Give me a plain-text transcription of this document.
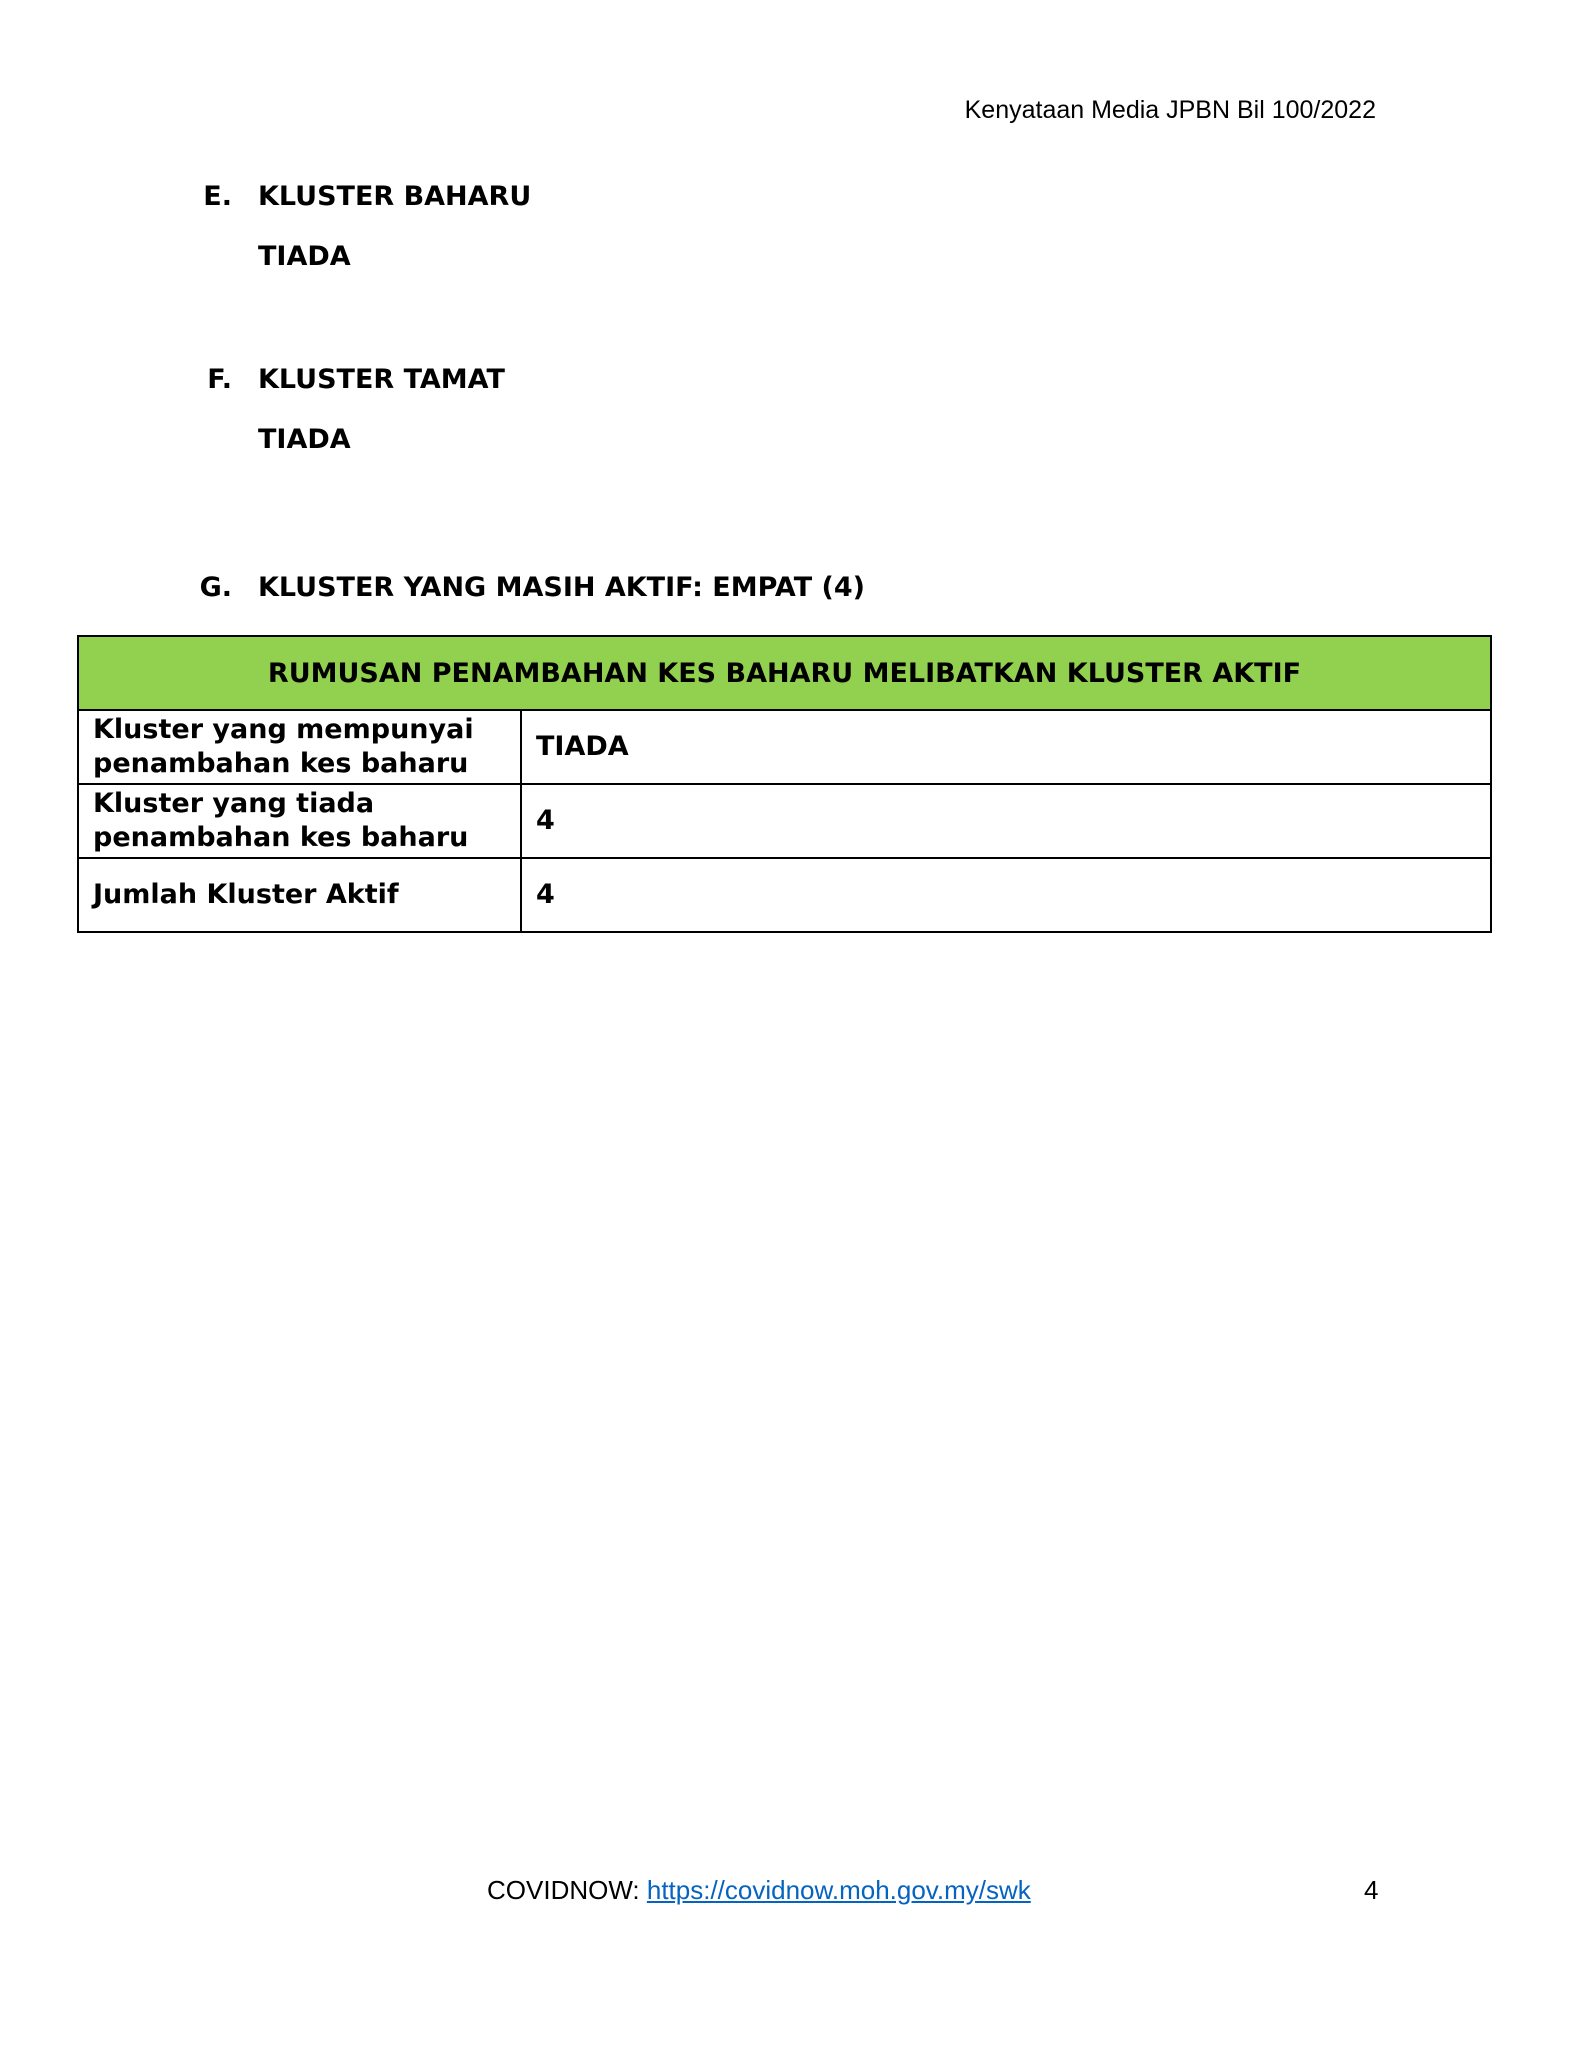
Kenyataan Media JPBN Bil 100/2022
E. KLUSTER BAHARU
TIADA
F. KLUSTER TAMAT
TIADA
G. KLUSTER YANG MASIH AKTIF: EMPAT (4)
RUMUSAN PENAMBAHAN KES BAHARU MELIBATKAN KLUSTER AKTIF	

Kluster yang mempunyai
penambahan kes baharu	TIADA

Kluster yang tiada
penambahan kes baharu	4

Jumlah Kluster Aktif	4
COVIDNOW: https://covidnow.moh.gov.my/swk	4
